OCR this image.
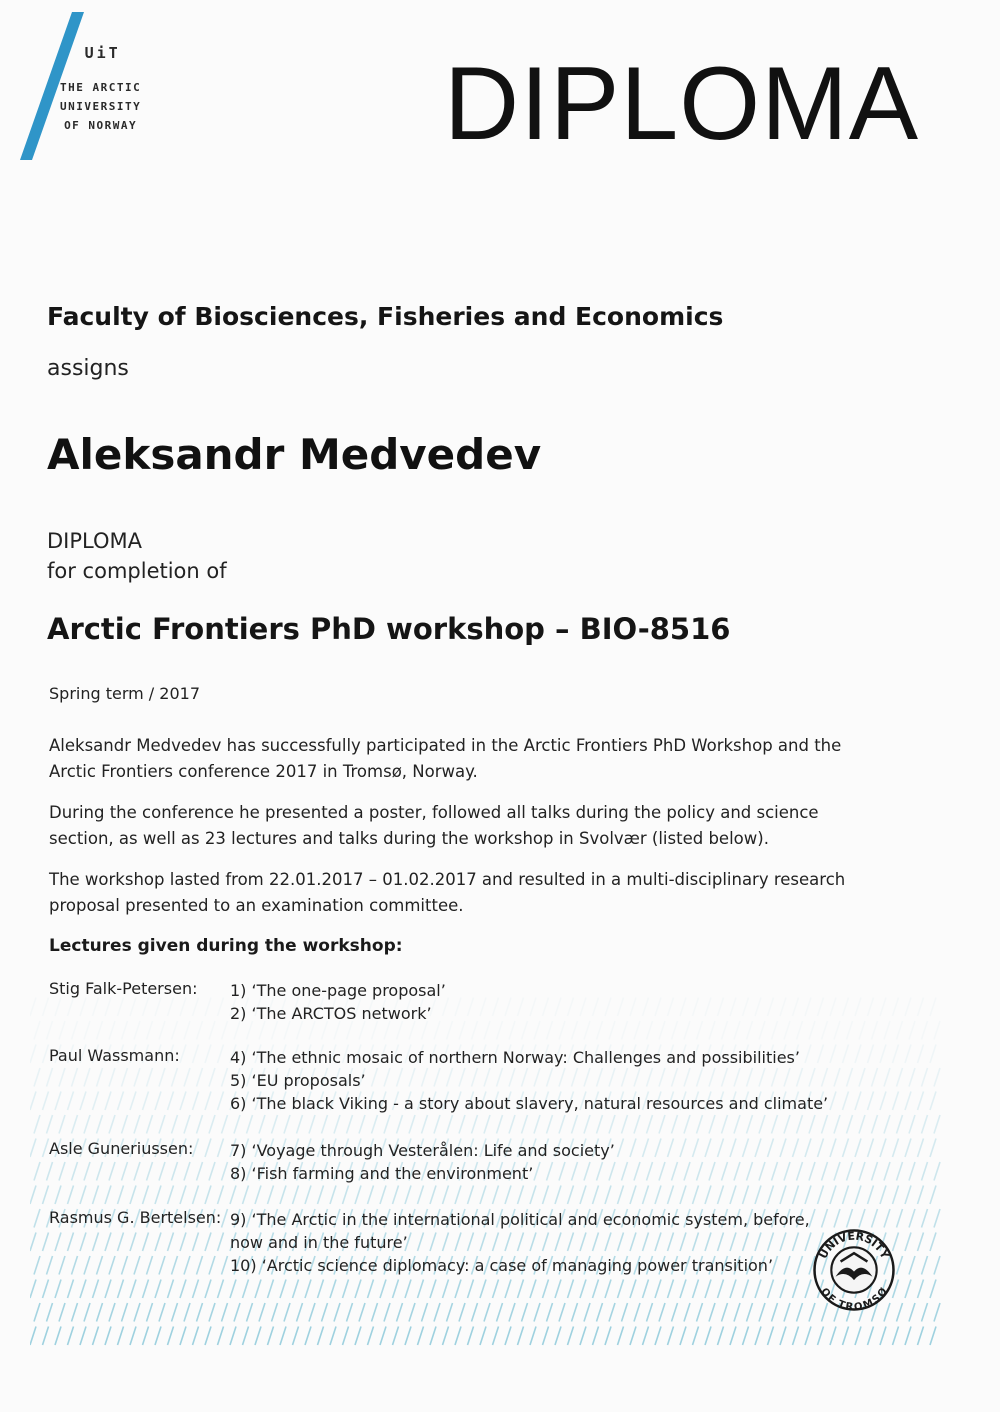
UiT
THE ARCTIC
UNIVERSITY
OF NORWAY	DIPLOMA
Faculty of Biosciences, Fisheries and Economics
assigns
Aleksandr Medvedev
DIPLOMA
for completion of
Arctic Frontiers PhD workshop – BIO-8516
Spring term / 2017
Aleksandr Medvedev has successfully participated in the Arctic Frontiers PhD Workshop and the Arctic Frontiers conference 2017 in Tromsø, Norway.
During the conference he presented a poster, followed all talks during the policy and science section, as well as 23 lectures and talks during the workshop in Svolvær (listed below).
The workshop lasted from 22.01.2017 – 01.02.2017 and resulted in a multi-disciplinary research proposal presented to an examination committee.
Lectures given during the workshop:
Stig Falk-Petersen: 1) ‘The one-page proposal’
2) ‘The ARCTOS network’
Paul Wassmann:	4) ‘The ethnic mosaic of northern Norway: Challenges and possibilities’
5) ‘EU proposals’
6) ‘The black Viking - a story about slavery, natural resources and climate’
Asle Guneriussen: 7) ‘Voyage through Vesterålen: Life and society’
8) ‘Fish farming and the environment’
Rasmus G. Bertelsen: 9) ‘The Arctic in the international political and economic system, before, now and in the future’
10) ‘Arctic science diplomacy: a case of managing power transition’
UNIVERSITY
OF TROMSØ
